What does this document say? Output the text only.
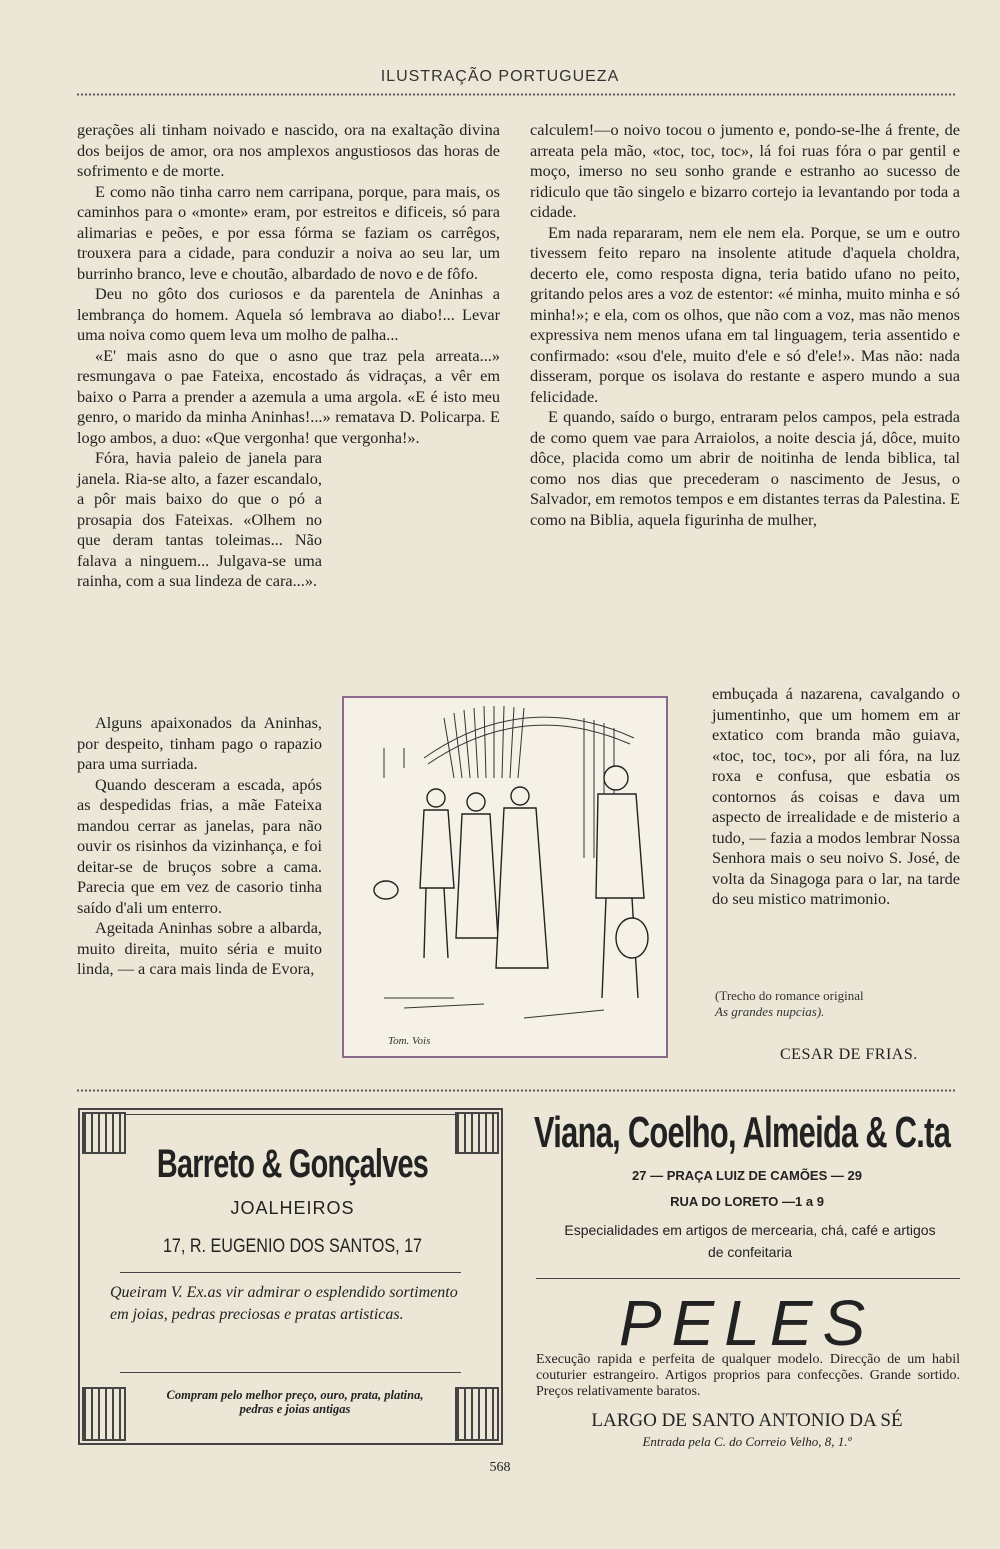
ILUSTRAÇÃO PORTUGUEZA

gerações ali tinham noivado e nascido, ora na exaltação divina dos beijos de amor, ora nos amplexos angustiosos das horas de sofrimento e de morte.

E como não tinha carro nem carripana, porque, para mais, os caminhos para o «monte» eram, por estreitos e dificeis, só para alimarias e peões, e por essa fórma se faziam os carrêgos, trouxera para a cidade, para conduzir a noiva ao seu lar, um burrinho branco, leve e choutão, albardado de novo e de fôfo.

Deu no gôto dos curiosos e da parentela de Aninhas a lembrança do homem. Aquela só lembrava ao diabo!... Levar uma noiva como quem leva um molho de palha...

«E' mais asno do que o asno que traz pela arreata...» resmungava o pae Fateixa, encostado ás vidraças, a vêr em baixo o Parra a prender a azemula a uma argola. «E é isto meu genro, o marido da minha Aninhas!...» rematava D. Policarpa. E logo ambos, a duo: «Que vergonha! que vergonha!».

Fóra, havia paleio de janela para janela. Ria-se alto, a fazer escandalo, a pôr mais baixo do que o pó a prosapia dos Fateixas. «Olhem no que deram tantas toleimas... Não falava a ninguem... Julgava-se uma rainha, com a sua lindeza de cara...».

Alguns apaixonados da Aninhas, por despeito, tinham pago o rapazio para uma surriada.

Quando desceram a escada, após as despedidas frias, a mãe Fateixa mandou cerrar as janelas, para não ouvir os risinhos da vizinhança, e foi deitar-se de bruços sobre a cama. Parecia que em vez de casorio tinha saído d'ali um enterro.

Ageitada Aninhas sobre a albarda, muito direita, muito séria e muito linda, — a cara mais linda de Evora,

Tom. Vois

calculem!—o noivo tocou o jumento e, pondo-se-lhe á frente, de arreata pela mão, «toc, toc, toc», lá foi ruas fóra o par gentil e moço, imerso no seu sonho grande e estranho ao sucesso de ridiculo que tão singelo e bizarro cortejo ia levantando por toda a cidade.

Em nada repararam, nem ele nem ela. Porque, se um e outro tivessem feito reparo na insolente atitude d'aquela choldra, decerto ele, como resposta digna, teria batido ufano no peito, gritando pelos ares a voz de estentor: «é minha, muito minha e só minha!»; e ela, com os olhos, que não com a voz, mas não menos expressiva nem menos ufana em tal linguagem, teria assentido e confirmado: «sou d'ele, muito d'ele e só d'ele!». Mas não: nada disseram, porque os isolava do restante e aspero mundo a sua felicidade.

E quando, saído o burgo, entraram pelos campos, pela estrada de como quem vae para Arraiolos, a noite descia já, dôce, muito dôce, placida como um abrir de noitinha de lenda biblica, tal como nos dias que precederam o nascimento de Jesus, o Salvador, em remotos tempos e em distantes terras da Palestina. E como na Biblia, aquela figurinha de mulher,

embuçada á nazarena, cavalgando o jumentinho, que um homem em ar extatico com branda mão guiava, «toc, toc, toc», por ali fóra, na luz roxa e confusa, que esbatia os contornos ás coisas e dava um aspecto de irrealidade e de misterio a tudo, — fazia a modos lembrar Nossa Senhora mais o seu noivo S. José, de volta da Sinagoga para o lar, na tarde do seu mistico matrimonio.

(Trecho do romance original
As grandes nupcias).
CESAR DE FRIAS.
Barreto & Gonçalves
JOALHEIROS
17, R. EUGENIO DOS SANTOS, 17
Queiram V. Ex.as vir admirar o esplendido sortimento em joias, pedras preciosas e pratas artisticas.
Compram pelo melhor preço, ouro, prata, platina, pedras e joias antigas
Viana, Coelho, Almeida & C.ta
27 — PRAÇA LUIZ DE CAMÕES — 29
RUA DO LORETO —1 a 9
Especialidades em artigos de mercearia, chá, café e artigos de confeitaria
PELES
Execução rapida e perfeita de qualquer modelo. Direcção de um habil couturier estrangeiro. Artigos proprios para confecções. Grande sortido. Preços relativamente baratos.
LARGO DE SANTO ANTONIO DA SÉ
Entrada pela C. do Correio Velho, 8, 1.º
568
